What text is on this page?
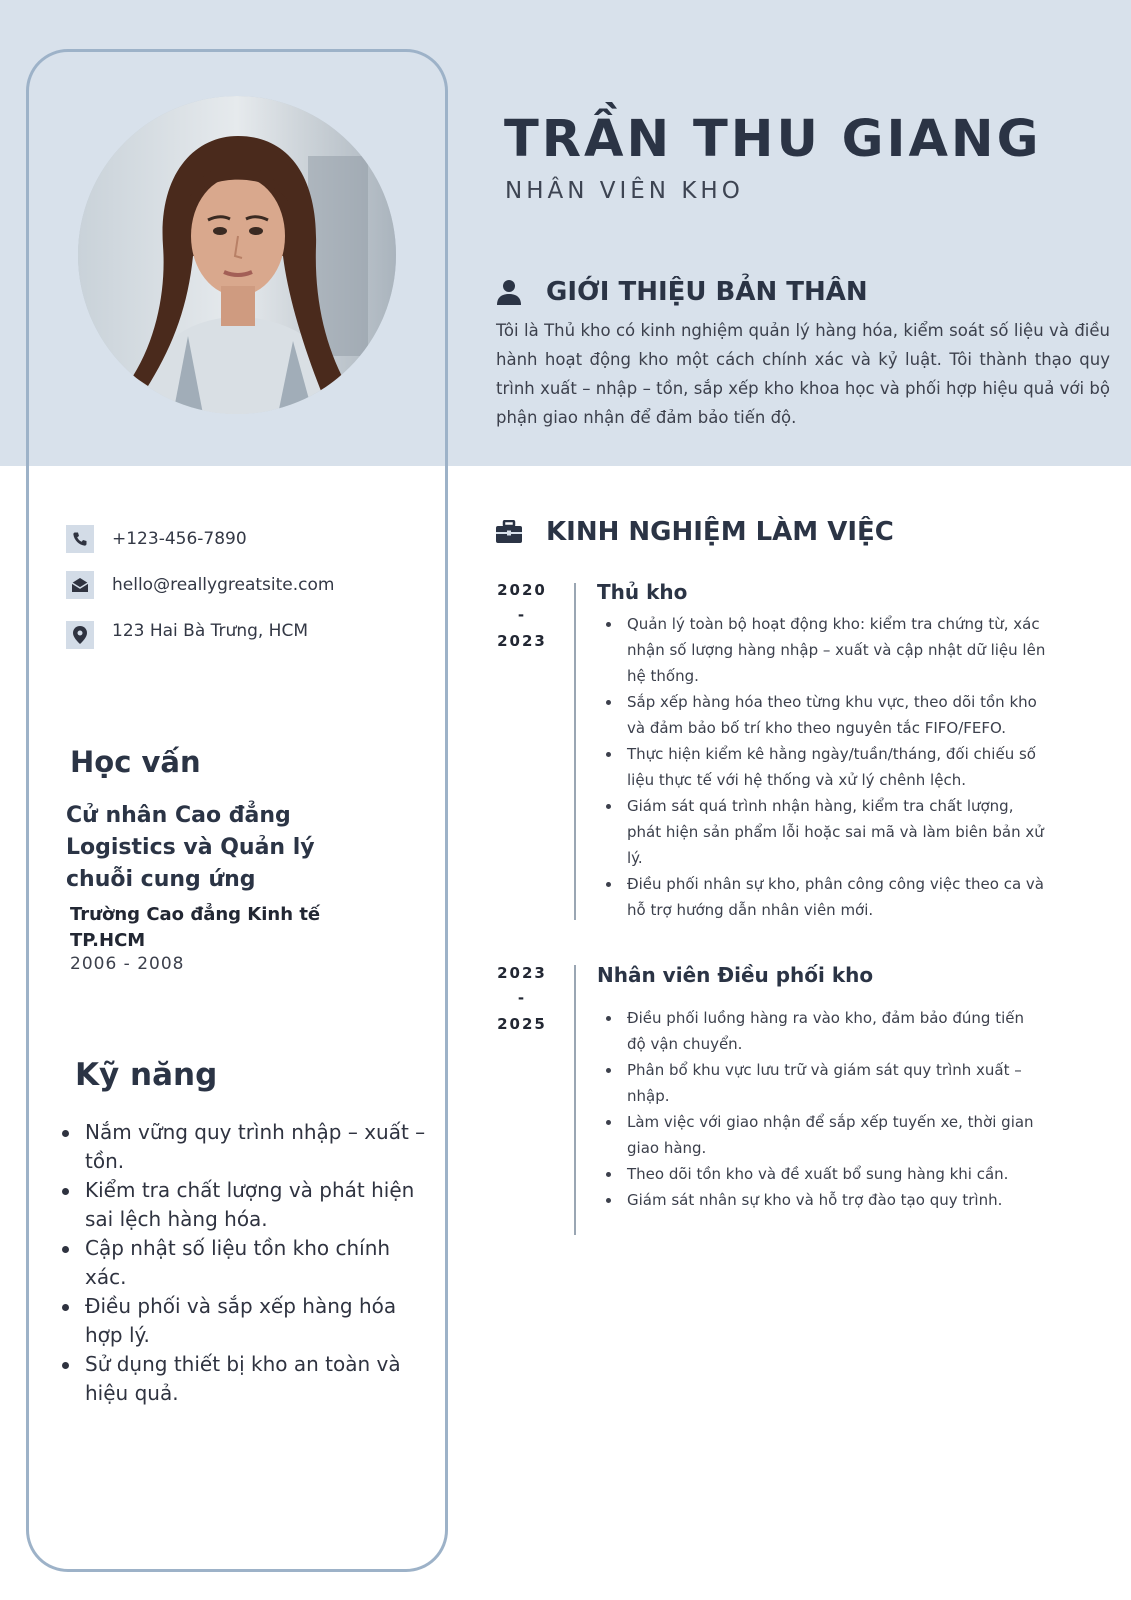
+123-456-7890
hello@reallygreatsite.com
123 Hai Bà Trưng, HCM
Học vấn
Cử nhân Cao đẳng Logistics và Quản lý chuỗi cung ứng
Trường Cao đẳng Kinh tế TP.HCM
2006 - 2008
Kỹ năng
Nắm vững quy trình nhập – xuất – tồn.
Kiểm tra chất lượng và phát hiện sai lệch hàng hóa.
Cập nhật số liệu tồn kho chính xác.
Điều phối và sắp xếp hàng hóa hợp lý.
Sử dụng thiết bị kho an toàn và hiệu quả.
TRẦN THU GIANG
NHÂN VIÊN KHO
GIỚI THIỆU BẢN THÂN
Tôi là Thủ kho có kinh nghiệm quản lý hàng hóa, kiểm soát số liệu và điều hành hoạt động kho một cách chính xác và kỷ luật. Tôi thành thạo quy trình xuất – nhập – tồn, sắp xếp kho khoa học và phối hợp hiệu quả với bộ phận giao nhận để đảm bảo tiến độ.
KINH NGHIỆM LÀM VIỆC
2020
-
2023
Thủ kho
Quản lý toàn bộ hoạt động kho: kiểm tra chứng từ, xác nhận số lượng hàng nhập – xuất và cập nhật dữ liệu lên hệ thống.
Sắp xếp hàng hóa theo từng khu vực, theo dõi tồn kho và đảm bảo bố trí kho theo nguyên tắc FIFO/FEFO.
Thực hiện kiểm kê hằng ngày/tuần/tháng, đối chiếu số liệu thực tế với hệ thống và xử lý chênh lệch.
Giám sát quá trình nhận hàng, kiểm tra chất lượng, phát hiện sản phẩm lỗi hoặc sai mã và làm biên bản xử lý.
Điều phối nhân sự kho, phân công công việc theo ca và hỗ trợ hướng dẫn nhân viên mới.
2023
-
2025
Nhân viên Điều phối kho
Điều phối luồng hàng ra vào kho, đảm bảo đúng tiến độ vận chuyển.
Phân bổ khu vực lưu trữ và giám sát quy trình xuất – nhập.
Làm việc với giao nhận để sắp xếp tuyến xe, thời gian giao hàng.
Theo dõi tồn kho và đề xuất bổ sung hàng khi cần.
Giám sát nhân sự kho và hỗ trợ đào tạo quy trình.
